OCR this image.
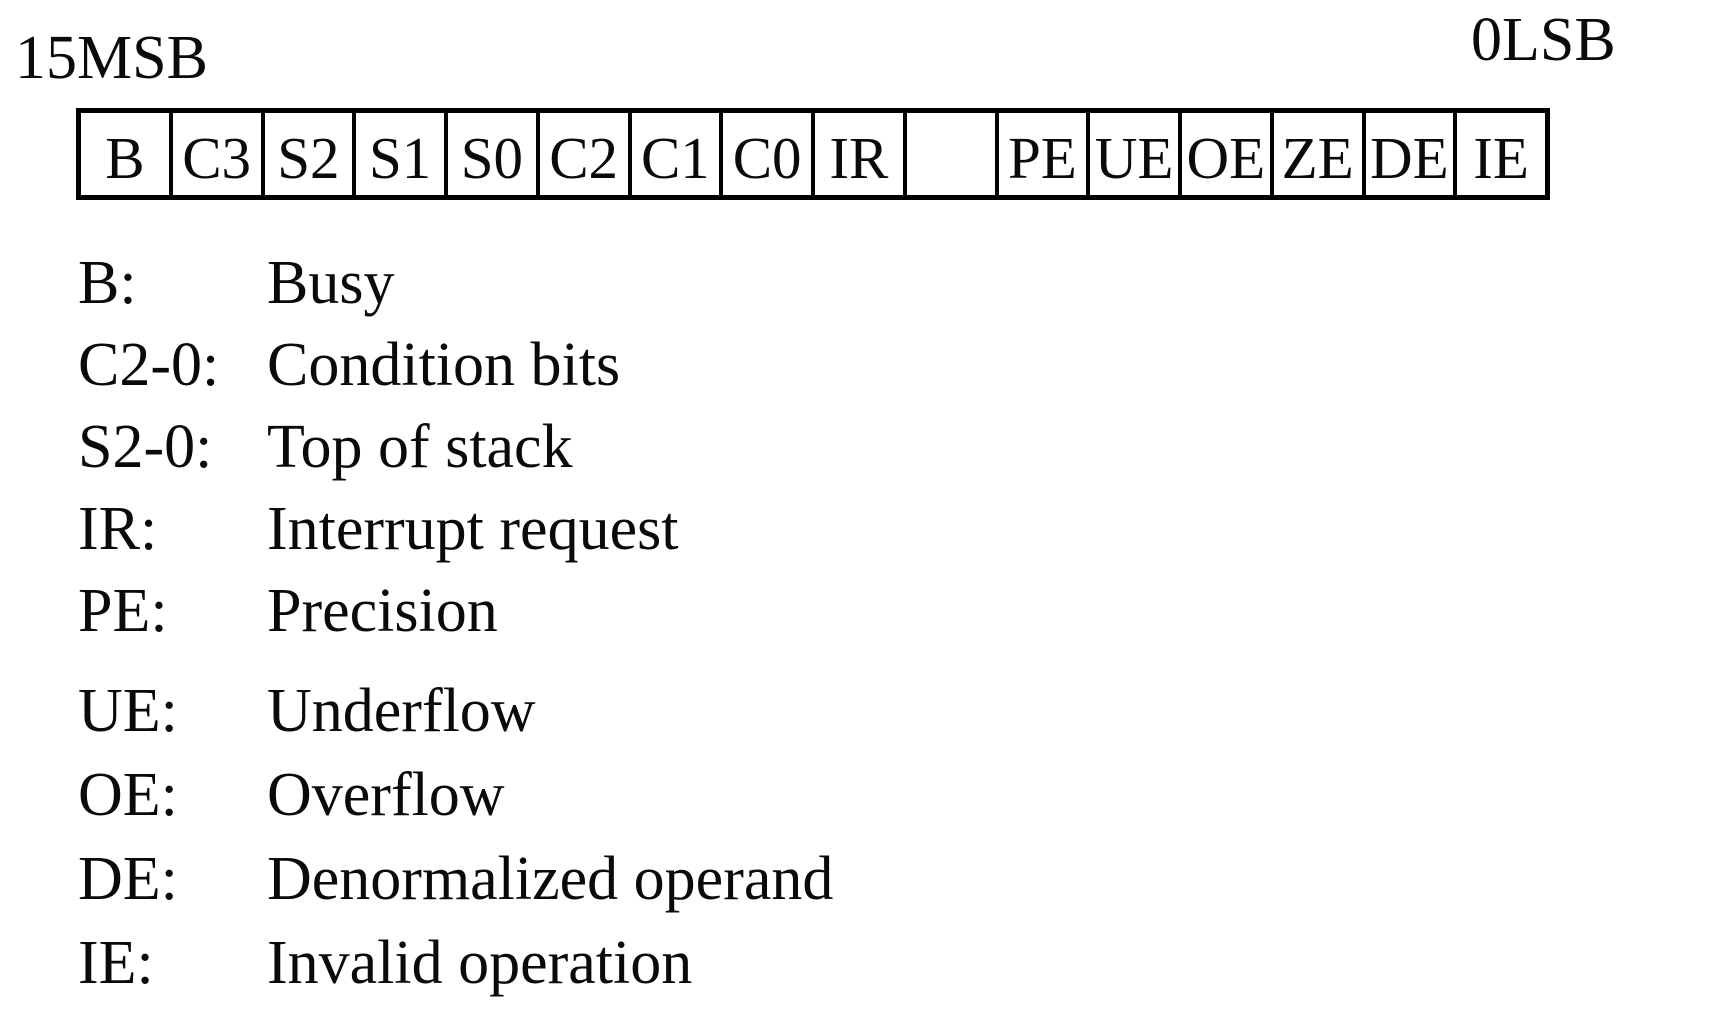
15MSB	0LSB
B C3 S2 S1 S0 C2 C1 C0 IR PE UE OE ZE DE IE
B:	Busy
C2-0: Condition bits
S2-0: Top of stack
IR:	Interrupt request
PE:	Precision
UE:	Underflow
OE:	Overflow
DE:	Denormalized operand
IE:	Invalid operation
